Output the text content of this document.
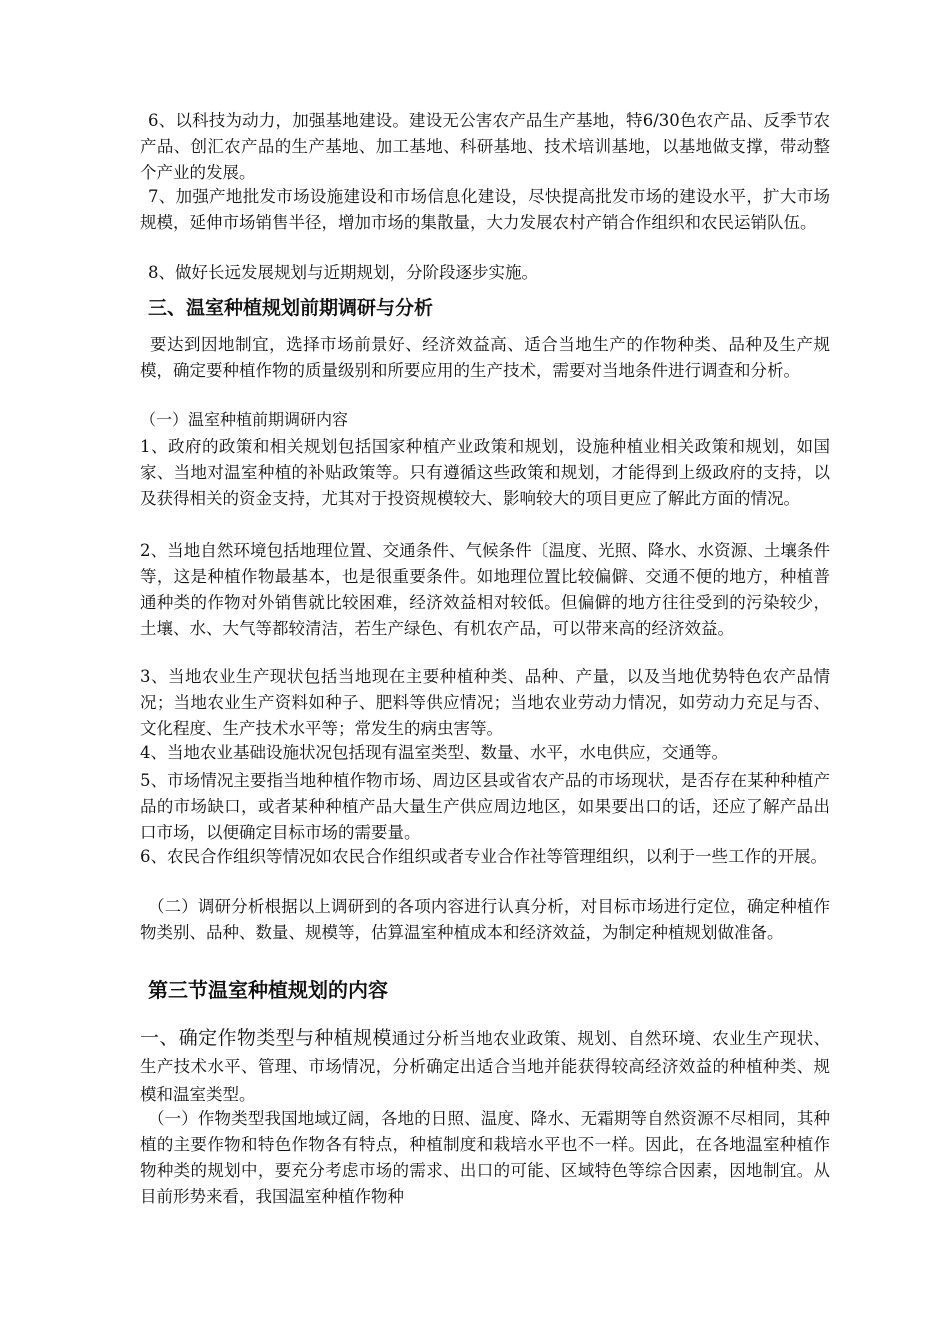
6、以科技为动力，加强基地建设。建设无公害农产品生产基地，特6/30色农产品、反季节农产品、创汇农产品的生产基地、加工基地、科研基地、技术培训基地，以基地做支撑，带动整个产业的发展。

7、加强产地批发市场设施建设和市场信息化建设，尽快提高批发市场的建设水平，扩大市场规模，延伸市场销售半径，增加市场的集散量，大力发展农村产销合作组织和农民运销队伍。

8、做好长远发展规划与近期规划，分阶段逐步实施。

三、温室种植规划前期调研与分析

要达到因地制宜，选择市场前景好、经济效益高、适合当地生产的作物种类、品种及生产规模，确定要种植作物的质量级别和所要应用的生产技术，需要对当地条件进行调查和分析。

（一）温室种植前期调研内容

1、政府的政策和相关规划包括国家种植产业政策和规划，设施种植业相关政策和规划，如国家、当地对温室种植的补贴政策等。只有遵循这些政策和规划，才能得到上级政府的支持，以及获得相关的资金支持，尤其对于投资规模较大、影响较大的项目更应了解此方面的情况。

2、当地自然环境包括地理位置、交通条件、气候条件〔温度、光照、降水、水资源、土壤条件等，这是种植作物最基本，也是很重要条件。如地理位置比较偏僻、交通不便的地方，种植普通种类的作物对外销售就比较困难，经济效益相对较低。但偏僻的地方往往受到的污染较少，土壤、水、大气等都较清洁，若生产绿色、有机农产品，可以带来高的经济效益。

3、当地农业生产现状包括当地现在主要种植种类、品种、产量，以及当地优势特色农产品情况；当地农业生产资料如种子、肥料等供应情况；当地农业劳动力情况，如劳动力充足与否、文化程度、生产技术水平等；常发生的病虫害等。

4、当地农业基础设施状况包括现有温室类型、数量、水平，水电供应，交通等。

5、市场情况主要指当地种植作物市场、周边区县或省农产品的市场现状，是否存在某种种植产品的市场缺口，或者某种种植产品大量生产供应周边地区，如果要出口的话，还应了解产品出口市场，以便确定目标市场的需要量。

6、农民合作组织等情况如农民合作组织或者专业合作社等管理组织，以利于一些工作的开展。

（二）调研分析根据以上调研到的各项内容进行认真分析，对目标市场进行定位，确定种植作物类别、品种、数量、规模等，估算温室种植成本和经济效益，为制定种植规划做准备。

第三节温室种植规划的内容

一、确定作物类型与种植规模通过分析当地农业政策、规划、自然环境、农业生产现状、生产技术水平、管理、市场情况，分析确定出适合当地并能获得较高经济效益的种植种类、规模和温室类型。

（一）作物类型我国地域辽阔，各地的日照、温度、降水、无霜期等自然资源不尽相同，其种植的主要作物和特色作物各有特点，种植制度和栽培水平也不一样。因此，在各地温室种植作物种类的规划中，要充分考虑市场的需求、出口的可能、区域特色等综合因素，因地制宜。从目前形势来看，我国温室种植作物种
